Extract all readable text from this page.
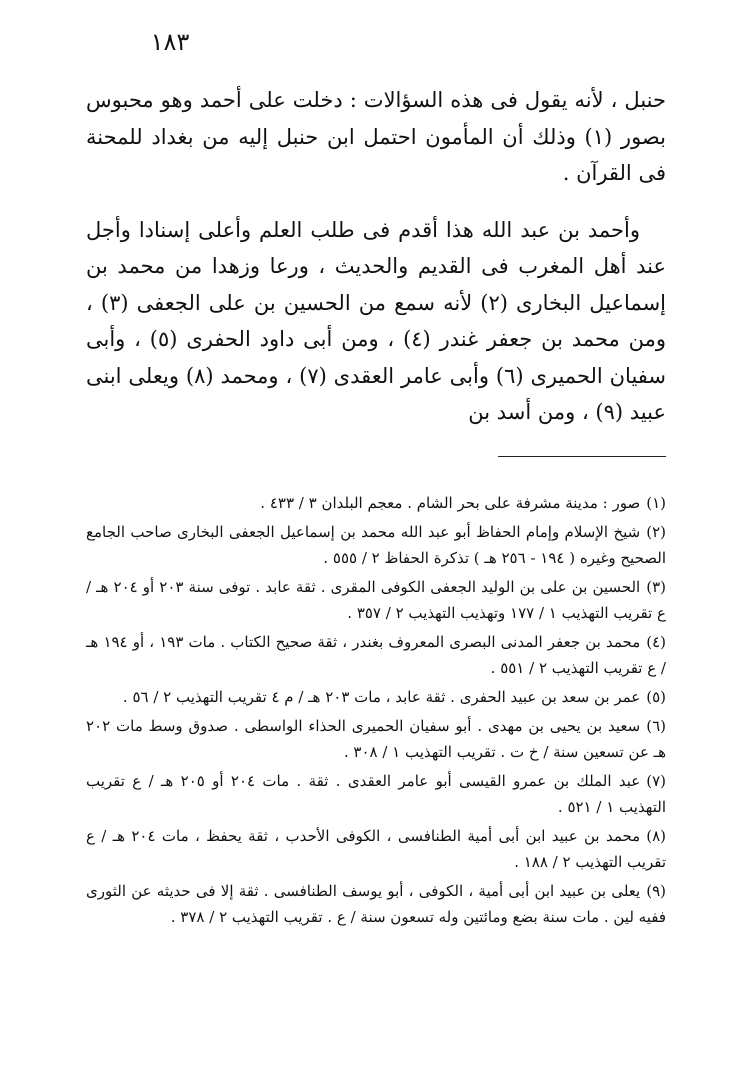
١٨٣

حنبل ، لأنه يقول فى هذه السؤالات : دخلت على أحمد وهو محبوس بصور (١) وذلك أن المأمون احتمل ابن حنبل إليه من بغداد للمحنة فى القرآن .

وأحمد بن عبد الله هذا أقدم فى طلب العلم وأعلى إسنادا وأجل عند أهل المغرب فى القديم والحديث ، ورعا وزهدا من محمد بن إسماعيل البخارى (٢) لأنه سمع من الحسين بن على الجعفى (٣) ، ومن محمد بن جعفر غندر (٤) ، ومن أبى داود الحفرى (٥) ، وأبى سفيان الحميرى (٦) وأبى عامر العقدى (٧) ، ومحمد (٨) ويعلى ابنى عبيد (٩) ، ومن أسد بن

(١)صور : مدينة مشرفة على بحر الشام . معجم البلدان ٣ / ٤٣٣ .

(٢)شيخ الإسلام وإمام الحفاظ أبو عبد الله محمد بن إسماعيل الجعفى البخارى صاحب الجامع الصحيح وغيره ( ١٩٤ - ٢٥٦ هـ ) تذكرة الحفاظ ٢ / ٥٥٥ .

(٣)الحسين بن على بن الوليد الجعفى الكوفى المقرى . ثقة عابد . توفى سنة ٢٠٣ أو ٢٠٤ هـ / ع تقريب التهذيب ١ / ١٧٧ وتهذيب التهذيب ٢ / ٣٥٧ .

(٤)محمد بن جعفر المدنى البصرى المعروف بغندر ، ثقة صحيح الكتاب . مات ١٩٣ ، أو ١٩٤ هـ / ع تقريب التهذيب ٢ / ٥٥١ .

(٥)عمر بن سعد بن عبيد الحفرى . ثقة عابد ، مات ٢٠٣ هـ / م ٤ تقريب التهذيب ٢ / ٥٦ .

(٦)سعيد بن يحيى بن مهدى . أبو سفيان الحميرى الحذاء الواسطى . صدوق وسط مات ٢٠٢ هـ عن تسعين سنة / خ ت . تقريب التهذيب ١ / ٣٠٨ .

(٧)عبد الملك بن عمرو القيسى أبو عامر العقدى . ثقة . مات ٢٠٤ أو ٢٠٥ هـ / ع تقريب التهذيب ١ / ٥٢١ .

(٨)محمد بن عبيد ابن أبى أمية الطنافسى ، الكوفى الأحدب ، ثقة يحفظ ، مات ٢٠٤ هـ / ع تقريب التهذيب ٢ / ١٨٨ .

(٩)يعلى بن عبيد ابن أبى أمية ، الكوفى ، أبو يوسف الطنافسى . ثقة إلا فى حديثه عن الثورى ففيه لين . مات سنة بضع ومائتين وله تسعون سنة / ع . تقريب التهذيب ٢ / ٣٧٨ .
